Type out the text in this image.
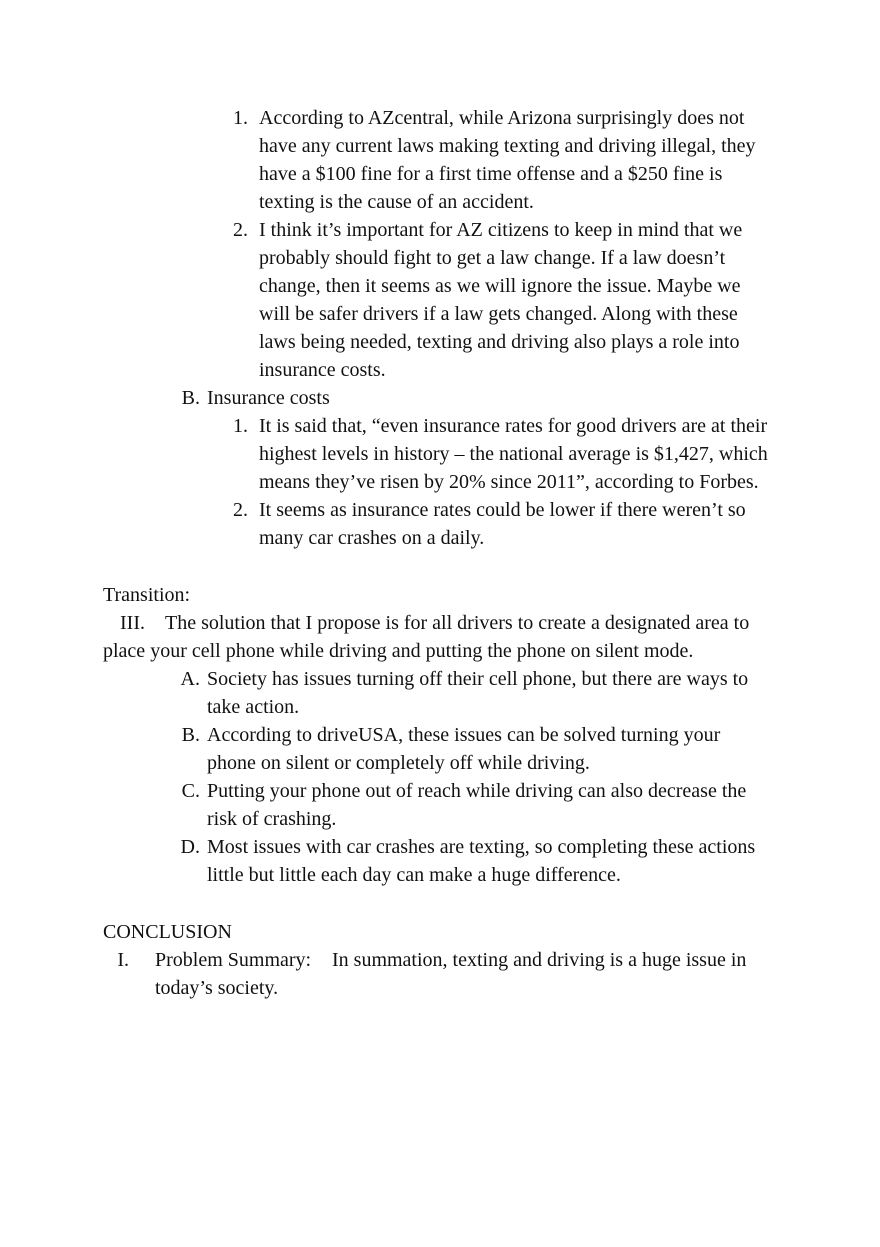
1. According to AZcentral, while Arizona surprisingly does not

have any current laws making texting and driving illegal, they

have a $100 fine for a first time offense and a $250 fine is

texting is the cause of an accident.

2. I think it’s important for AZ citizens to keep in mind that we

probably should fight to get a law change. If a law doesn’t

change, then it seems as we will ignore the issue. Maybe we

will be safer drivers if a law gets changed. Along with these

laws being needed, texting and driving also plays a role into

insurance costs.

B. Insurance costs

1. It is said that, “even insurance rates for good drivers are at their

highest levels in history – the national average is $1,427, which

means they’ve risen by 20% since 2011”, according to Forbes.

2. It seems as insurance rates could be lower if there weren’t so

many car crashes on a daily.

Transition:

III. The solution that I propose is for all drivers to create a designated area to

place your cell phone while driving and putting the phone on silent mode.

A. Society has issues turning off their cell phone, but there are ways to

take action.

B. According to driveUSA, these issues can be solved turning your

phone on silent or completely off while driving.

C. Putting your phone out of reach while driving can also decrease the

risk of crashing.

D. Most issues with car crashes are texting, so completing these actions

little but little each day can make a huge difference.

CONCLUSION

I. Problem Summary: In summation, texting and driving is a huge issue in

today’s society.
